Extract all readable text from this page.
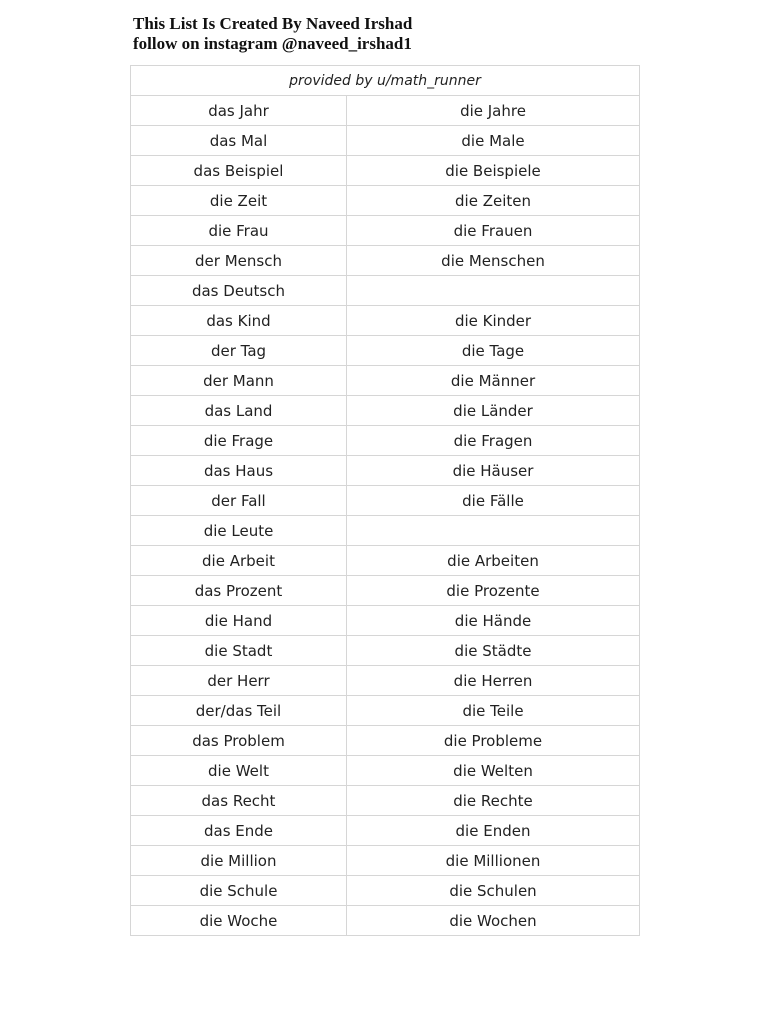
This List Is Created By Naveed Irshad
follow on instagram @naveed_irshad1
provided by u/math_runner	
das Jahr	die Jahre
das Mal	die Male
das Beispiel	die Beispiele
die Zeit	die Zeiten
die Frau	die Frauen
der Mensch	die Menschen
das Deutsch	
das Kind	die Kinder
der Tag	die Tage
der Mann	die Männer
das Land	die Länder
die Frage	die Fragen
das Haus	die Häuser
der Fall	die Fälle
die Leute	
die Arbeit	die Arbeiten
das Prozent	die Prozente
die Hand	die Hände
die Stadt	die Städte
der Herr	die Herren
der/das Teil	die Teile
das Problem	die Probleme
die Welt	die Welten
das Recht	die Rechte
das Ende	die Enden
die Million	die Millionen
die Schule	die Schulen
die Woche	die Wochen
